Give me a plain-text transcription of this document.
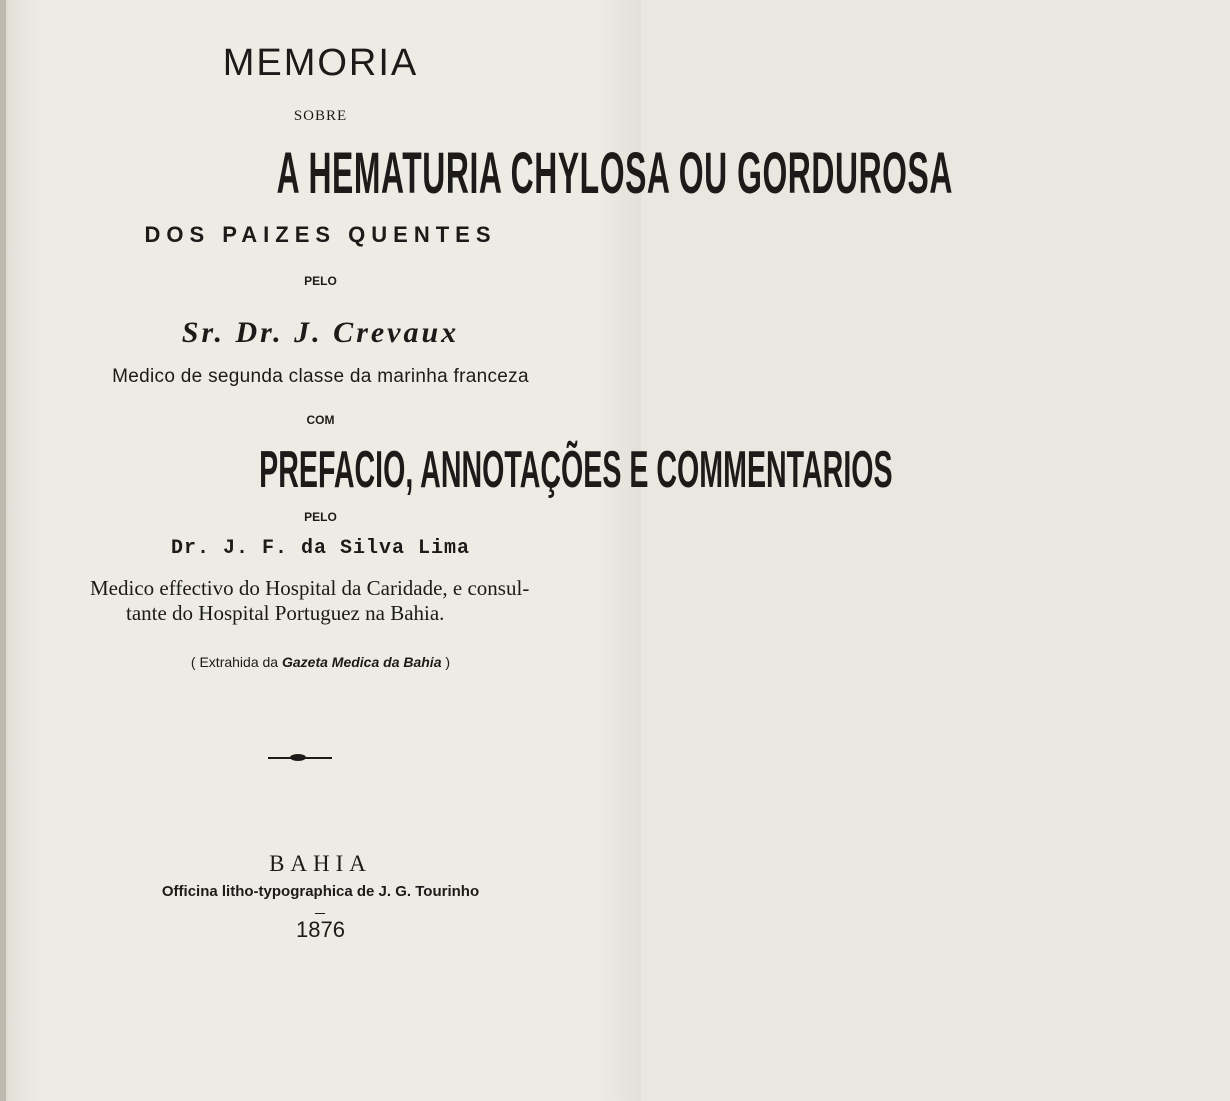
MEMORIA
SOBRE
A HEMATURIA CHYLOSA OU GORDUROSA
DOS PAIZES QUENTES
PELO
Sr. Dr. J. Crevaux
Medico de segunda classe da marinha franceza
COM
PREFACIO, ANNOTAÇÕES E COMMENTARIOS
PELO
Dr. J. F. da Silva Lima
Medico effectivo do Hospital da Caridade, e consul-
tante do Hospital Portuguez na Bahia.
( Extrahida da Gazeta Medica da Bahia )
BAHIA
Officina litho-typographica de J. G. Tourinho
1876
